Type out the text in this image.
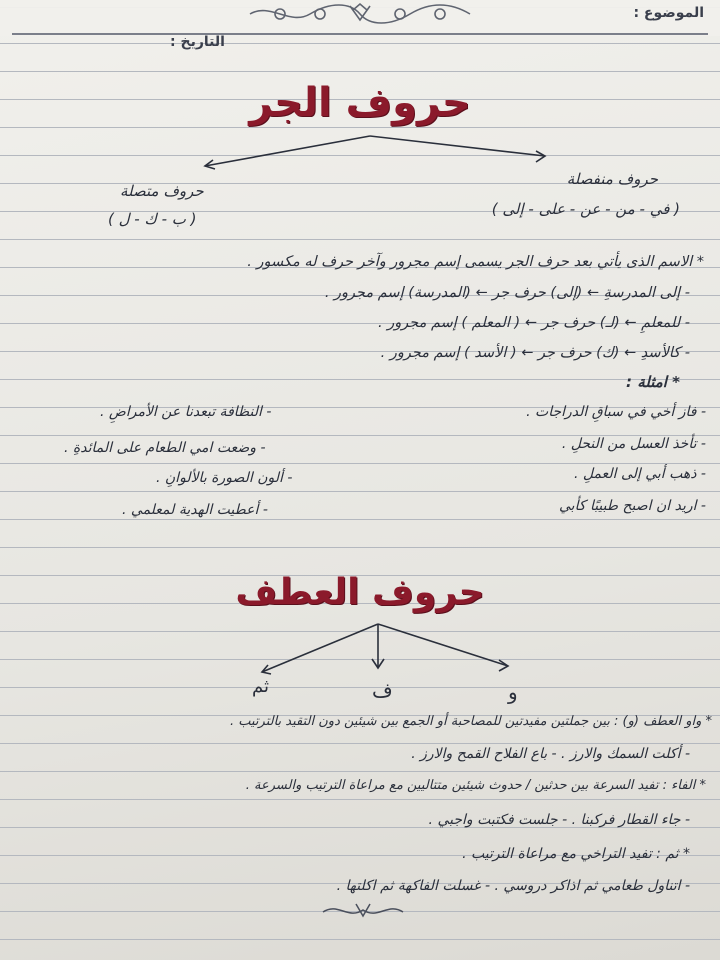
الموضوع :
التاريخ :
حروف الجر
حروف منفصلة
( في - من - عن - على - إلى )
حروف متصلة
( ب - ك - ل )
* الاسم الذى يأتي بعد حرف الجر يسمى إسم مجرور وآخر حرف له مكسور .
- إلى المدرسةِ ← (إلى) حرف جر ← (المدرسة) إسم مجرور .
- للمعلمِ ← (لـ) حرف جر ← ( المعلم ) إسم مجرور .
- كالأسدِ ← (ك) حرف جر ← ( الأسد ) إسم مجرور .
* امثلة :
- فاز أخي في سباقِ الدراجات .
- النظافة تبعدنا عن الأمراضِ .
- تأخذ العسل من النحلِ .
- وضعت امي الطعام على المائدةِ .
- ذهب أبي إلى العملِ .
- ألون الصورة بالألوانِ .
- اريد ان اصبح طبيبًا كأبي
- أعطيت الهدية لمعلمي .
حروف العطف
و
ف
ثم
* واو العطف (و) : بين جملتين مفيدتين للمصاحبة أو الجمع بين شيئين دون التقيد بالترتيب .
- أكلت السمك والارز . - باع الفلاح القمح والارز .
* الفاء : تفيد السرعة بين حدثين / حدوث شيئين متتاليين مع مراعاة الترتيب والسرعة .
- جاء القطار فركبنا . - جلست فكتبت واجبي .
* ثم : تفيد التراخي مع مراعاة الترتيب .
- اتناول طعامي ثم اذاكر دروسي . - غسلت الفاكهة ثم اكلتها .
